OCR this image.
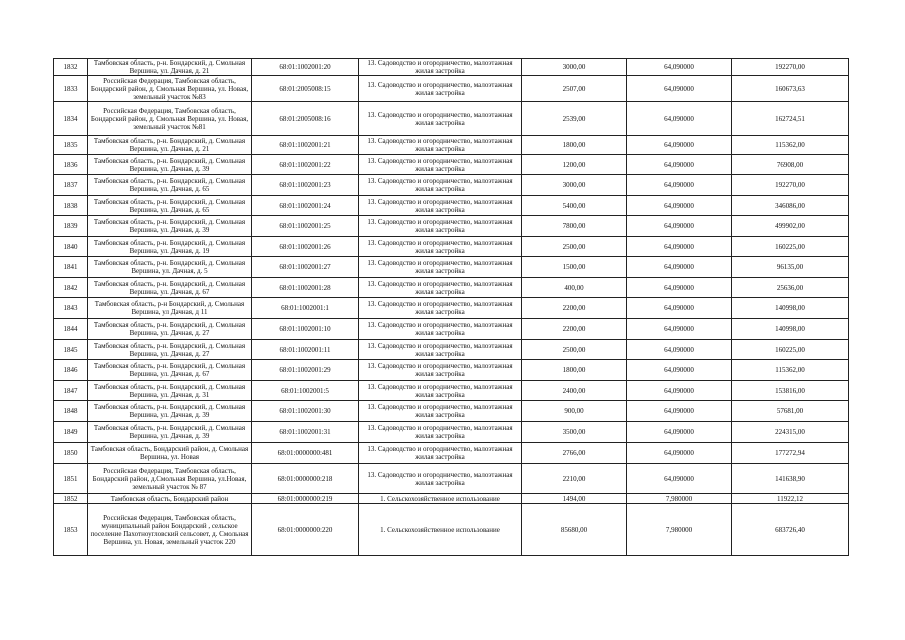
1832	Тамбовская область, р-н. Бондарский, д. Смольная Вершина, ул. Дачная, д. 21	68:01:1002001:20	13. Садоводство и огородничество, малоэтажная жилая застройка	3000,00	64,090000	192270,00
1833	Российская Федерация, Тамбовская область, Бондарский район, д. Смольная Вершина, ул. Новая, земельный участок №83	68:01:2005008:15	13. Садоводство и огородничество, малоэтажная жилая застройка	2507,00	64,090000	160673,63
1834	Российская Федерация, Тамбовская область, Бондарский район, д. Смольная Вершина, ул. Новая, земельный участок №81	68:01:2005008:16	13. Садоводство и огородничество, малоэтажная жилая застройка	2539,00	64,090000	162724,51
1835	Тамбовская область, р-н. Бондарский, д. Смольная Вершина, ул. Дачная, д. 21	68:01:1002001:21	13. Садоводство и огородничество, малоэтажная жилая застройка	1800,00	64,090000	115362,00
1836	Тамбовская область, р-н. Бондарский, д. Смольная Вершина, ул. Дачная, д. 39	68:01:1002001:22	13. Садоводство и огородничество, малоэтажная жилая застройка	1200,00	64,090000	76908,00
1837	Тамбовская область, р-н. Бондарский, д. Смольная Вершина, ул. Дачная, д. 65	68:01:1002001:23	13. Садоводство и огородничество, малоэтажная жилая застройка	3000,00	64,090000	192270,00
1838	Тамбовская область, р-н. Бондарский, д. Смольная Вершина, ул. Дачная, д. 65	68:01:1002001:24	13. Садоводство и огородничество, малоэтажная жилая застройка	5400,00	64,090000	346086,00
1839	Тамбовская область, р-н. Бондарский, д. Смольная Вершина, ул. Дачная, д. 39	68:01:1002001:25	13. Садоводство и огородничество, малоэтажная жилая застройка	7800,00	64,090000	499902,00
1840	Тамбовская область, р-н. Бондарский, д. Смольная Вершина, ул. Дачная, д. 19	68:01:1002001:26	13. Садоводство и огородничество, малоэтажная жилая застройка	2500,00	64,090000	160225,00
1841	Тамбовская область, р-н. Бондарский, д. Смольная Вершина, ул. Дачная, д. 5	68:01:1002001:27	13. Садоводство и огородничество, малоэтажная жилая застройка	1500,00	64,090000	96135,00
1842	Тамбовская область, р-н. Бондарский, д. Смольная Вершина, ул. Дачная, д. 67	68:01:1002001:28	13. Садоводство и огородничество, малоэтажная жилая застройка	400,00	64,090000	25636,00
1843	Тамбовская область, р-н Бондарский, д. Смольная Вершина, ул Дачная, д 11	68:01:1002001:1	13. Садоводство и огородничество, малоэтажная жилая застройка	2200,00	64,090000	140998,00
1844	Тамбовская область, р-н. Бондарский, д. Смольная Вершина, ул. Дачная, д. 27	68:01:1002001:10	13. Садоводство и огородничество, малоэтажная жилая застройка	2200,00	64,090000	140998,00
1845	Тамбовская область, р-н. Бондарский, д. Смольная Вершина, ул. Дачная, д. 27	68:01:1002001:11	13. Садоводство и огородничество, малоэтажная жилая застройка	2500,00	64,090000	160225,00
1846	Тамбовская область, р-н. Бондарский, д. Смольная Вершина, ул. Дачная, д. 67	68:01:1002001:29	13. Садоводство и огородничество, малоэтажная жилая застройка	1800,00	64,090000	115362,00
1847	Тамбовская область, р-н. Бондарский, д. Смольная Вершина, ул. Дачная, д. 31	68:01:1002001:5	13. Садоводство и огородничество, малоэтажная жилая застройка	2400,00	64,090000	153816,00
1848	Тамбовская область, р-н. Бондарский, д. Смольная Вершина, ул. Дачная, д. 39	68:01:1002001:30	13. Садоводство и огородничество, малоэтажная жилая застройка	900,00	64,090000	57681,00
1849	Тамбовская область, р-н. Бондарский, д. Смольная Вершина, ул. Дачная, д. 39	68:01:1002001:31	13. Садоводство и огородничество, малоэтажная жилая застройка	3500,00	64,090000	224315,00
1850	Тамбовская область, Бондарский район, д. Смольная Вершина, ул. Новая	68:01:0000000:481	13. Садоводство и огородничество, малоэтажная жилая застройка	2766,00	64,090000	177272,94
1851	Российская Федерация, Тамбовская область, Бондарский район, д.Смольная Вершина, ул.Новая, земельный участок № 87	68:01:0000000:218	13. Садоводство и огородничество, малоэтажная жилая застройка	2210,00	64,090000	141638,90
1852	Тамбовская область, Бондарский район	68:01:0000000:219	1. Сельскохозяйственное использование	1494,00	7,980000	11922,12
1853	Российская Федерация, Тамбовская область, муниципальный район Бондарский , сельское поселение Пахотноугловский сельсовет, д. Смольная Вершина, ул. Новая, земельный участок 220	68:01:0000000:220	1. Сельскохозяйственное использование	85680,00	7,980000	683726,40
